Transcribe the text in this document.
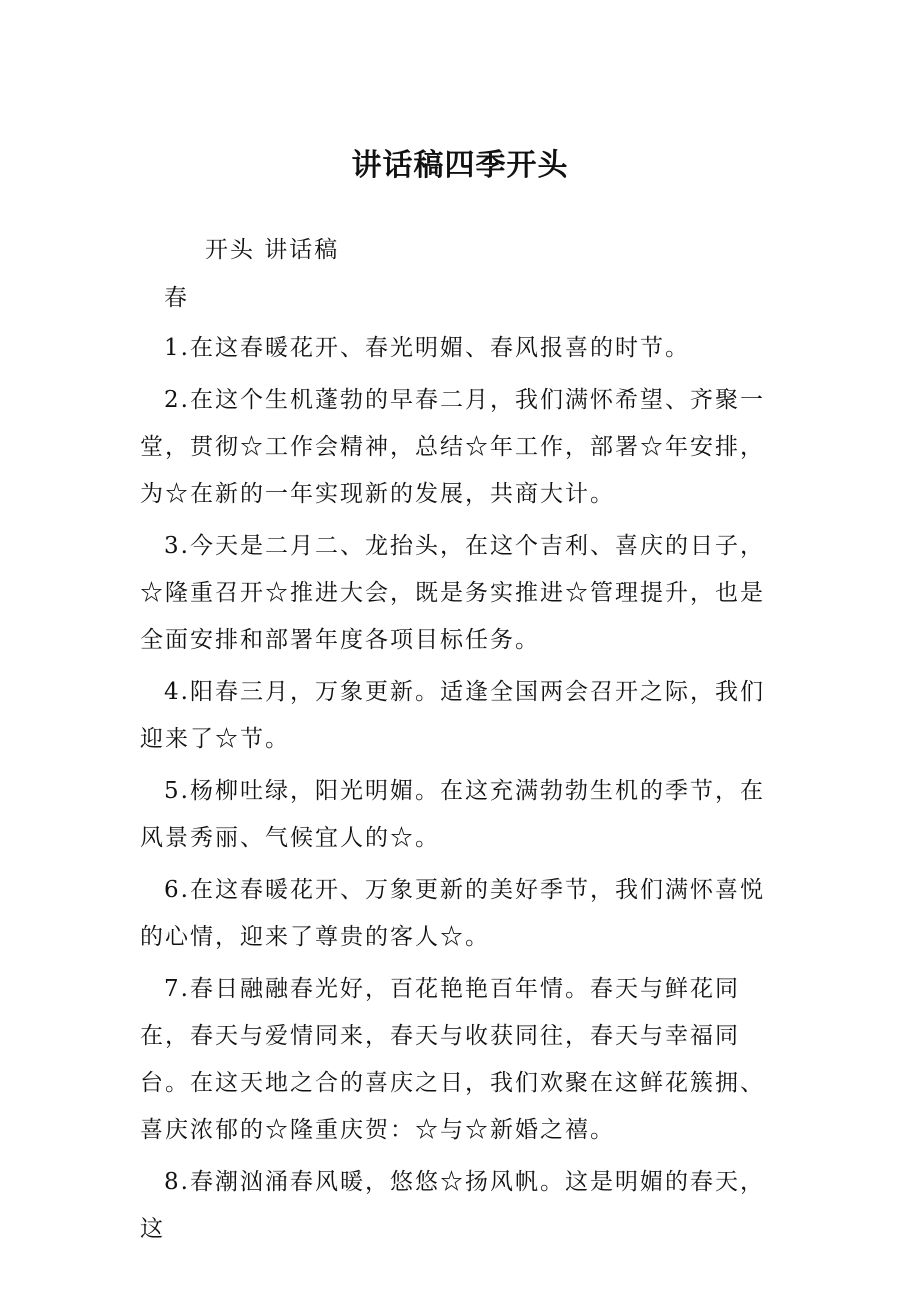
讲话稿四季开头

开头 讲话稿

春

1.在这春暖花开、春光明媚、春风报喜的时节。

2.在这个生机蓬勃的早春二月，我们满怀希望、齐聚一堂，贯彻☆工作会精神，总结☆年工作，部署☆年安排，为☆在新的一年实现新的发展，共商大计。

3.今天是二月二、龙抬头，在这个吉利、喜庆的日子，☆隆重召开☆推进大会，既是务实推进☆管理提升，也是全面安排和部署年度各项目标任务。

4.阳春三月，万象更新。适逢全国两会召开之际，我们迎来了☆节。

5.杨柳吐绿，阳光明媚。在这充满勃勃生机的季节，在风景秀丽、气候宜人的☆。

6.在这春暖花开、万象更新的美好季节，我们满怀喜悦的心情，迎来了尊贵的客人☆。

7.春日融融春光好，百花艳艳百年情。春天与鲜花同在，春天与爱情同来，春天与收获同往，春天与幸福同台。在这天地之合的喜庆之日，我们欢聚在这鲜花簇拥、喜庆浓郁的☆隆重庆贺：☆与☆新婚之禧。

8.春潮汹涌春风暖，悠悠☆扬风帆。这是明媚的春天，这
